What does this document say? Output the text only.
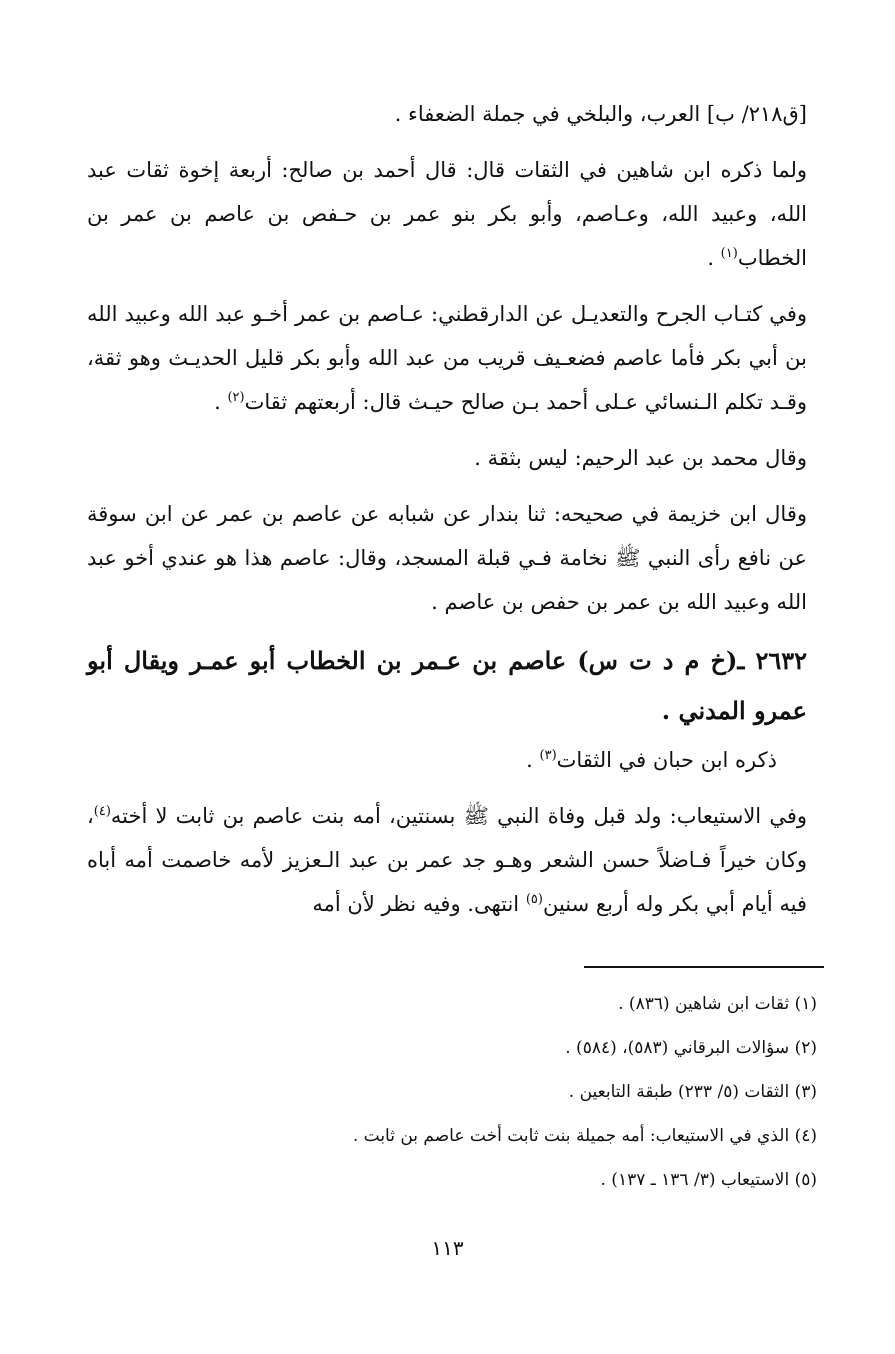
[ق٢١٨/ ب] العرب، والبلخي في جملة الضعفاء .

ولما ذكره ابن شاهين في الثقات قال: قال أحمد بن صالح: أربعة إخوة ثقات عبد الله، وعبيد الله، وعـاصم، وأبو بكر بنو عمر بن حـفص بن عاصم بن عمر بن الخطاب$^{(١)}$ .

وفي كتـاب الجرح والتعديـل عن الدارقطني: عـاصم بن عمر أخـو عبد الله وعبيد الله بن أبي بكر فأما عاصم فضعـيف قريب من عبد الله وأبو بكر قليل الحديـث وهو ثقة، وقـد تكلم الـنسائي عـلى أحمد بـن صالح حيـث قال: أربعتهم ثقات$^{(٢)}$ .

وقال محمد بن عبد الرحيم: ليس بثقة .

وقال ابن خزيمة في صحيحه: ثنا بندار عن شبابه عن عاصم بن عمر عن ابن سوقة عن نافع رأى النبي ﷺ نخامة فـي قبلة المسجد، وقال: عاصم هذا هو عندي أخو عبد الله وعبيد الله بن عمر بن حفص بن عاصم .

٢٦٣٢ ـ(خ م د ت س) عاصم بن عـمر بن الخطاب أبو عمـر ويقال أبو عمرو المدني .

ذكره ابن حبان في الثقات$^{(٣)}$ .

وفي الاستيعاب: ولد قبل وفاة النبي ﷺ بسنتين، أمه بنت عاصم بن ثابت لا أخته$^{(٤)}$، وكان خيراً فـاضلاً حسن الشعر وهـو جد عمر بن عبد الـعزيز لأمه خاصمت أمه أباه فيه أيام أبي بكر وله أربع سنين$^{(٥)}$ انتهى. وفيه نظر لأن أمه

(١) ثقات ابن شاهين (٨٣٦) .

(٢) سؤالات البرقاني (٥٨٣)، (٥٨٤) .

(٣) الثقات (٥/ ٢٣٣) طبقة التابعين .

(٤) الذي في الاستيعاب: أمه جميلة بنت ثابت أخت عاصم بن ثابت .

(٥) الاستيعاب (٣/ ١٣٦ ـ ١٣٧) .

١١٣
